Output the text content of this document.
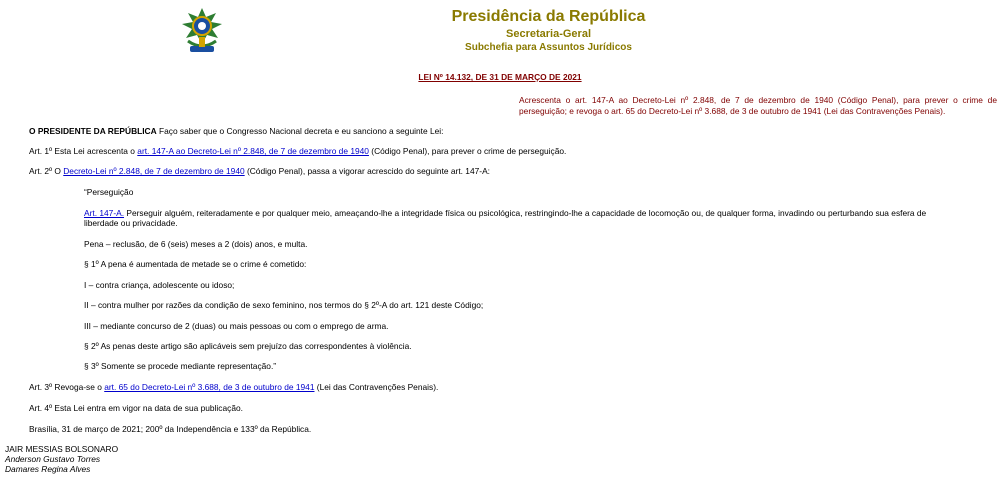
Presidência da República
Secretaria-Geral
Subchefia para Assuntos Jurídicos
LEI Nº 14.132, DE 31 DE MARÇO DE 2021
Acrescenta o art. 147-A ao Decreto-Lei nº 2.848, de 7 de dezembro de 1940 (Código Penal), para prever o crime de perseguição; e revoga o art. 65 do Decreto-Lei nº 3.688, de 3 de outubro de 1941 (Lei das Contravenções Penais).
O PRESIDENTE DA REPÚBLICA Faço saber que o Congresso Nacional decreta e eu sanciono a seguinte Lei:
Art. 1º Esta Lei acrescenta o art. 147-A ao Decreto-Lei nº 2.848, de 7 de dezembro de 1940 (Código Penal), para prever o crime de perseguição.
Art. 2º O Decreto-Lei nº 2.848, de 7 de dezembro de 1940 (Código Penal), passa a vigorar acrescido do seguinte art. 147-A:
“Perseguição
Art. 147-A. Perseguir alguém, reiteradamente e por qualquer meio, ameaçando-lhe a integridade física ou psicológica, restringindo-lhe a capacidade de locomoção ou, de qualquer forma, invadindo ou perturbando sua esfera de liberdade ou privacidade.
Pena – reclusão, de 6 (seis) meses a 2 (dois) anos, e multa.
§ 1º A pena é aumentada de metade se o crime é cometido:
I – contra criança, adolescente ou idoso;
II – contra mulher por razões da condição de sexo feminino, nos termos do § 2º-A do art. 121 deste Código;
III – mediante concurso de 2 (duas) ou mais pessoas ou com o emprego de arma.
§ 2º As penas deste artigo são aplicáveis sem prejuízo das correspondentes à violência.
§ 3º Somente se procede mediante representação.”
Art. 3º Revoga-se o art. 65 do Decreto-Lei nº 3.688, de 3 de outubro de 1941 (Lei das Contravenções Penais).
Art. 4º Esta Lei entra em vigor na data de sua publicação.
Brasília, 31 de março de 2021; 200º da Independência e 133º da República.
JAIR MESSIAS BOLSONARO
Anderson Gustavo Torres
Damares Regina Alves
